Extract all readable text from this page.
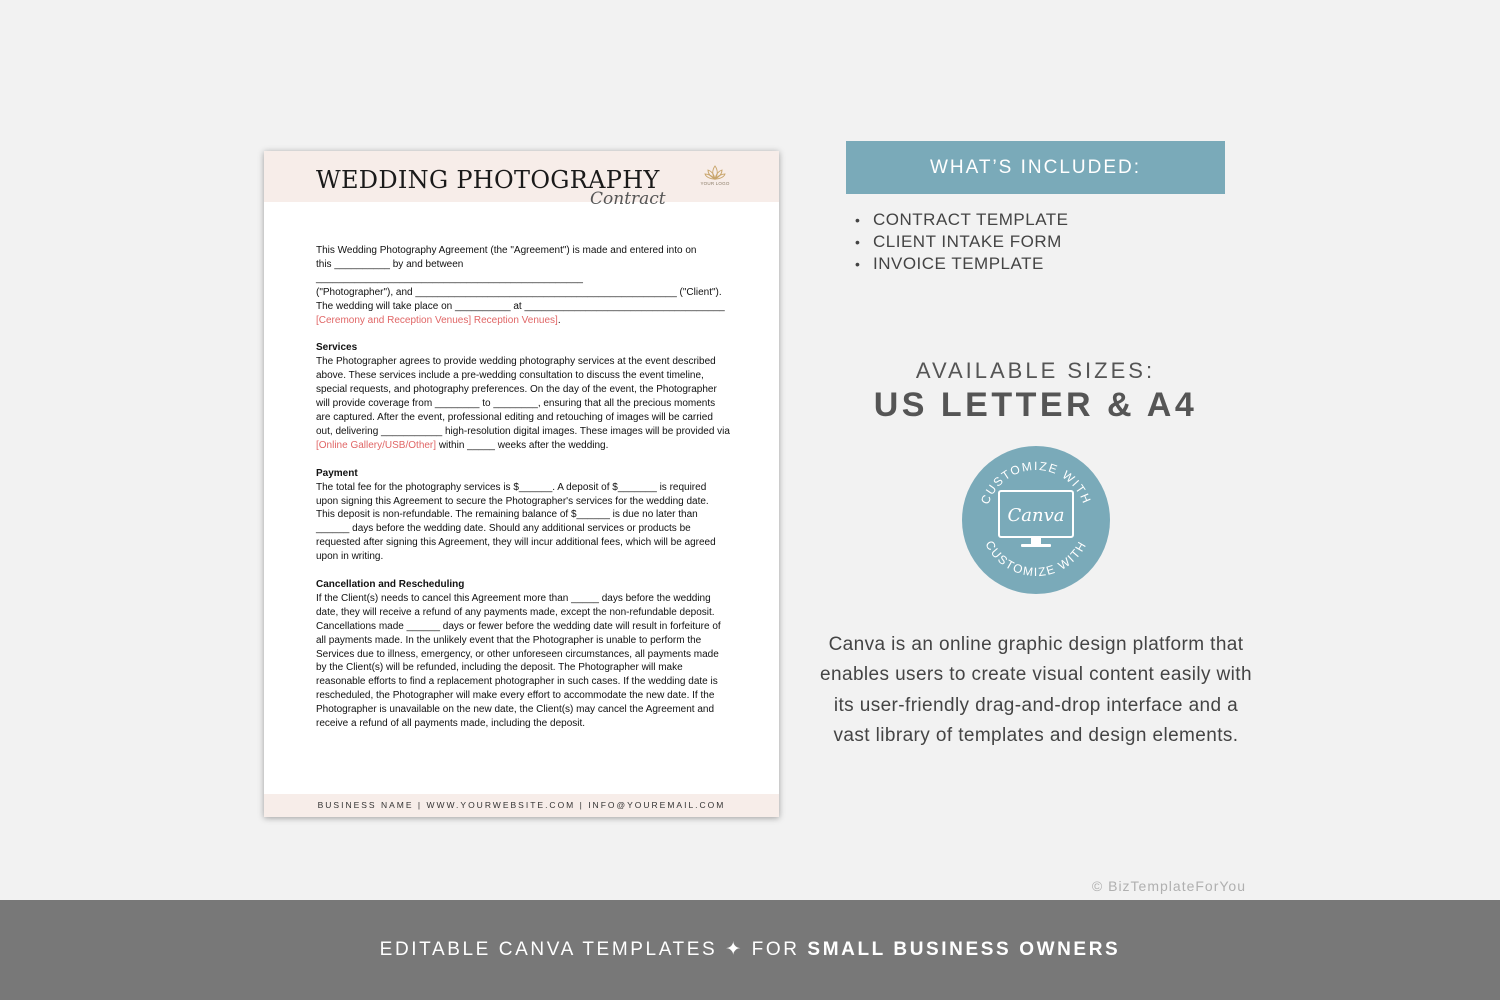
WEDDING PHOTOGRAPHY
Contract
YOUR LOGO

This Wedding Photography Agreement (the "Agreement") is made and entered into on

this __________ by and between ________________________________________________

("Photographer"), and _______________________________________________ ("Client").

The wedding will take place on __________ at ____________________________________

[Ceremony and Reception Venues] Reception Venues].

Services

The Photographer agrees to provide wedding photography services at the event described above. These services include a pre-wedding consultation to discuss the event timeline, special requests, and photography preferences. On the day of the event, the Photographer will provide coverage from ________ to ________, ensuring that all the precious moments are captured. After the event, professional editing and retouching of images will be carried out, delivering ___________ high-resolution digital images. These images will be provided via [Online Gallery/USB/Other] within _____ weeks after the wedding.

Payment

The total fee for the photography services is $______. A deposit of $_______ is required upon signing this Agreement to secure the Photographer's services for the wedding date. This deposit is non-refundable. The remaining balance of $______ is due no later than ______ days before the wedding date. Should any additional services or products be requested after signing this Agreement, they will incur additional fees, which will be agreed upon in writing.

Cancellation and Rescheduling

If the Client(s) needs to cancel this Agreement more than _____ days before the wedding date, they will receive a refund of any payments made, except the non-refundable deposit. Cancellations made ______ days or fewer before the wedding date will result in forfeiture of all payments made. In the unlikely event that the Photographer is unable to perform the Services due to illness, emergency, or other unforeseen circumstances, all payments made by the Client(s) will be refunded, including the deposit. The Photographer will make reasonable efforts to find a replacement photographer in such cases. If the wedding date is rescheduled, the Photographer will make every effort to accommodate the new date. If the Photographer is unavailable on the new date, the Client(s) may cancel the Agreement and receive a refund of all payments made, including the deposit.

BUSINESS NAME | WWW.YOURWEBSITE.COM | INFO@YOUREMAIL.COM
WHAT’S INCLUDED:
• CONTRACT TEMPLATE
• CLIENT INTAKE FORM
• INVOICE TEMPLATE
AVAILABLE SIZES:
US LETTER & A4
CUSTOMIZE WITH
CUSTOMIZE WITH
Canva
Canva is an online graphic design platform that enables users to create visual content easily with its user-friendly drag-and-drop interface and a vast library of templates and design elements.
© BizTemplateForYou
EDITABLE CANVA TEMPLATES ✦ FOR SMALL BUSINESS OWNERS
